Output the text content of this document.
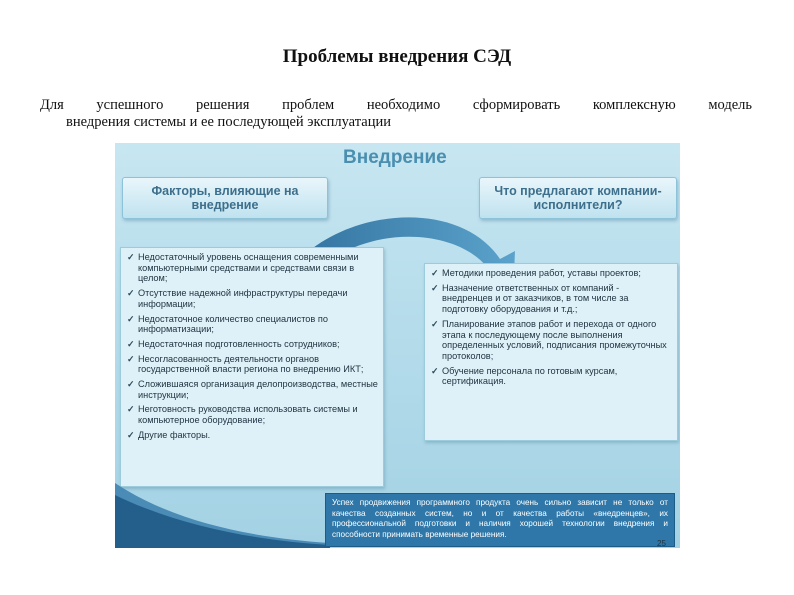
Проблемы внедрения СЭД
Для успешного решения проблем необходимо сформировать комплексную модель
внедрения системы и ее последующей эксплуатации
Внедрение
Факторы, влияющие на внедрение
Что предлагают компании-исполнители?
✓ Недостаточный уровень оснащения современными компьютерными средствами и средствами связи в целом;
✓ Отсутствие надежной инфраструктуры передачи информации;
✓ Недостаточное количество специалистов по информатизации;
✓ Недостаточная подготовленность сотрудников;
✓ Несогласованность деятельности органов государственной власти региона по внедрению ИКТ;
✓ Сложившаяся организация делопроизводства, местные инструкции;
✓ Неготовность руководства использовать системы и компьютерное оборудование;
✓ Другие факторы.
✓ Методики проведения работ, уставы проектов;
✓ Назначение ответственных от компаний - внедренцев и от заказчиков, в том числе за подготовку оборудования и т.д.;
✓ Планирование этапов работ и перехода от одного этапа к последующему после выполнения определенных условий, подписания промежуточных протоколов;
✓ Обучение персонала по готовым курсам, сертификация.
Успех продвижения программного продукта очень сильно зависит не только от качества созданных систем, но и от качества работы «внедренцев», их профессиональной подготовки и наличия хорошей технологии внедрения и способности принимать временные решения.
25
